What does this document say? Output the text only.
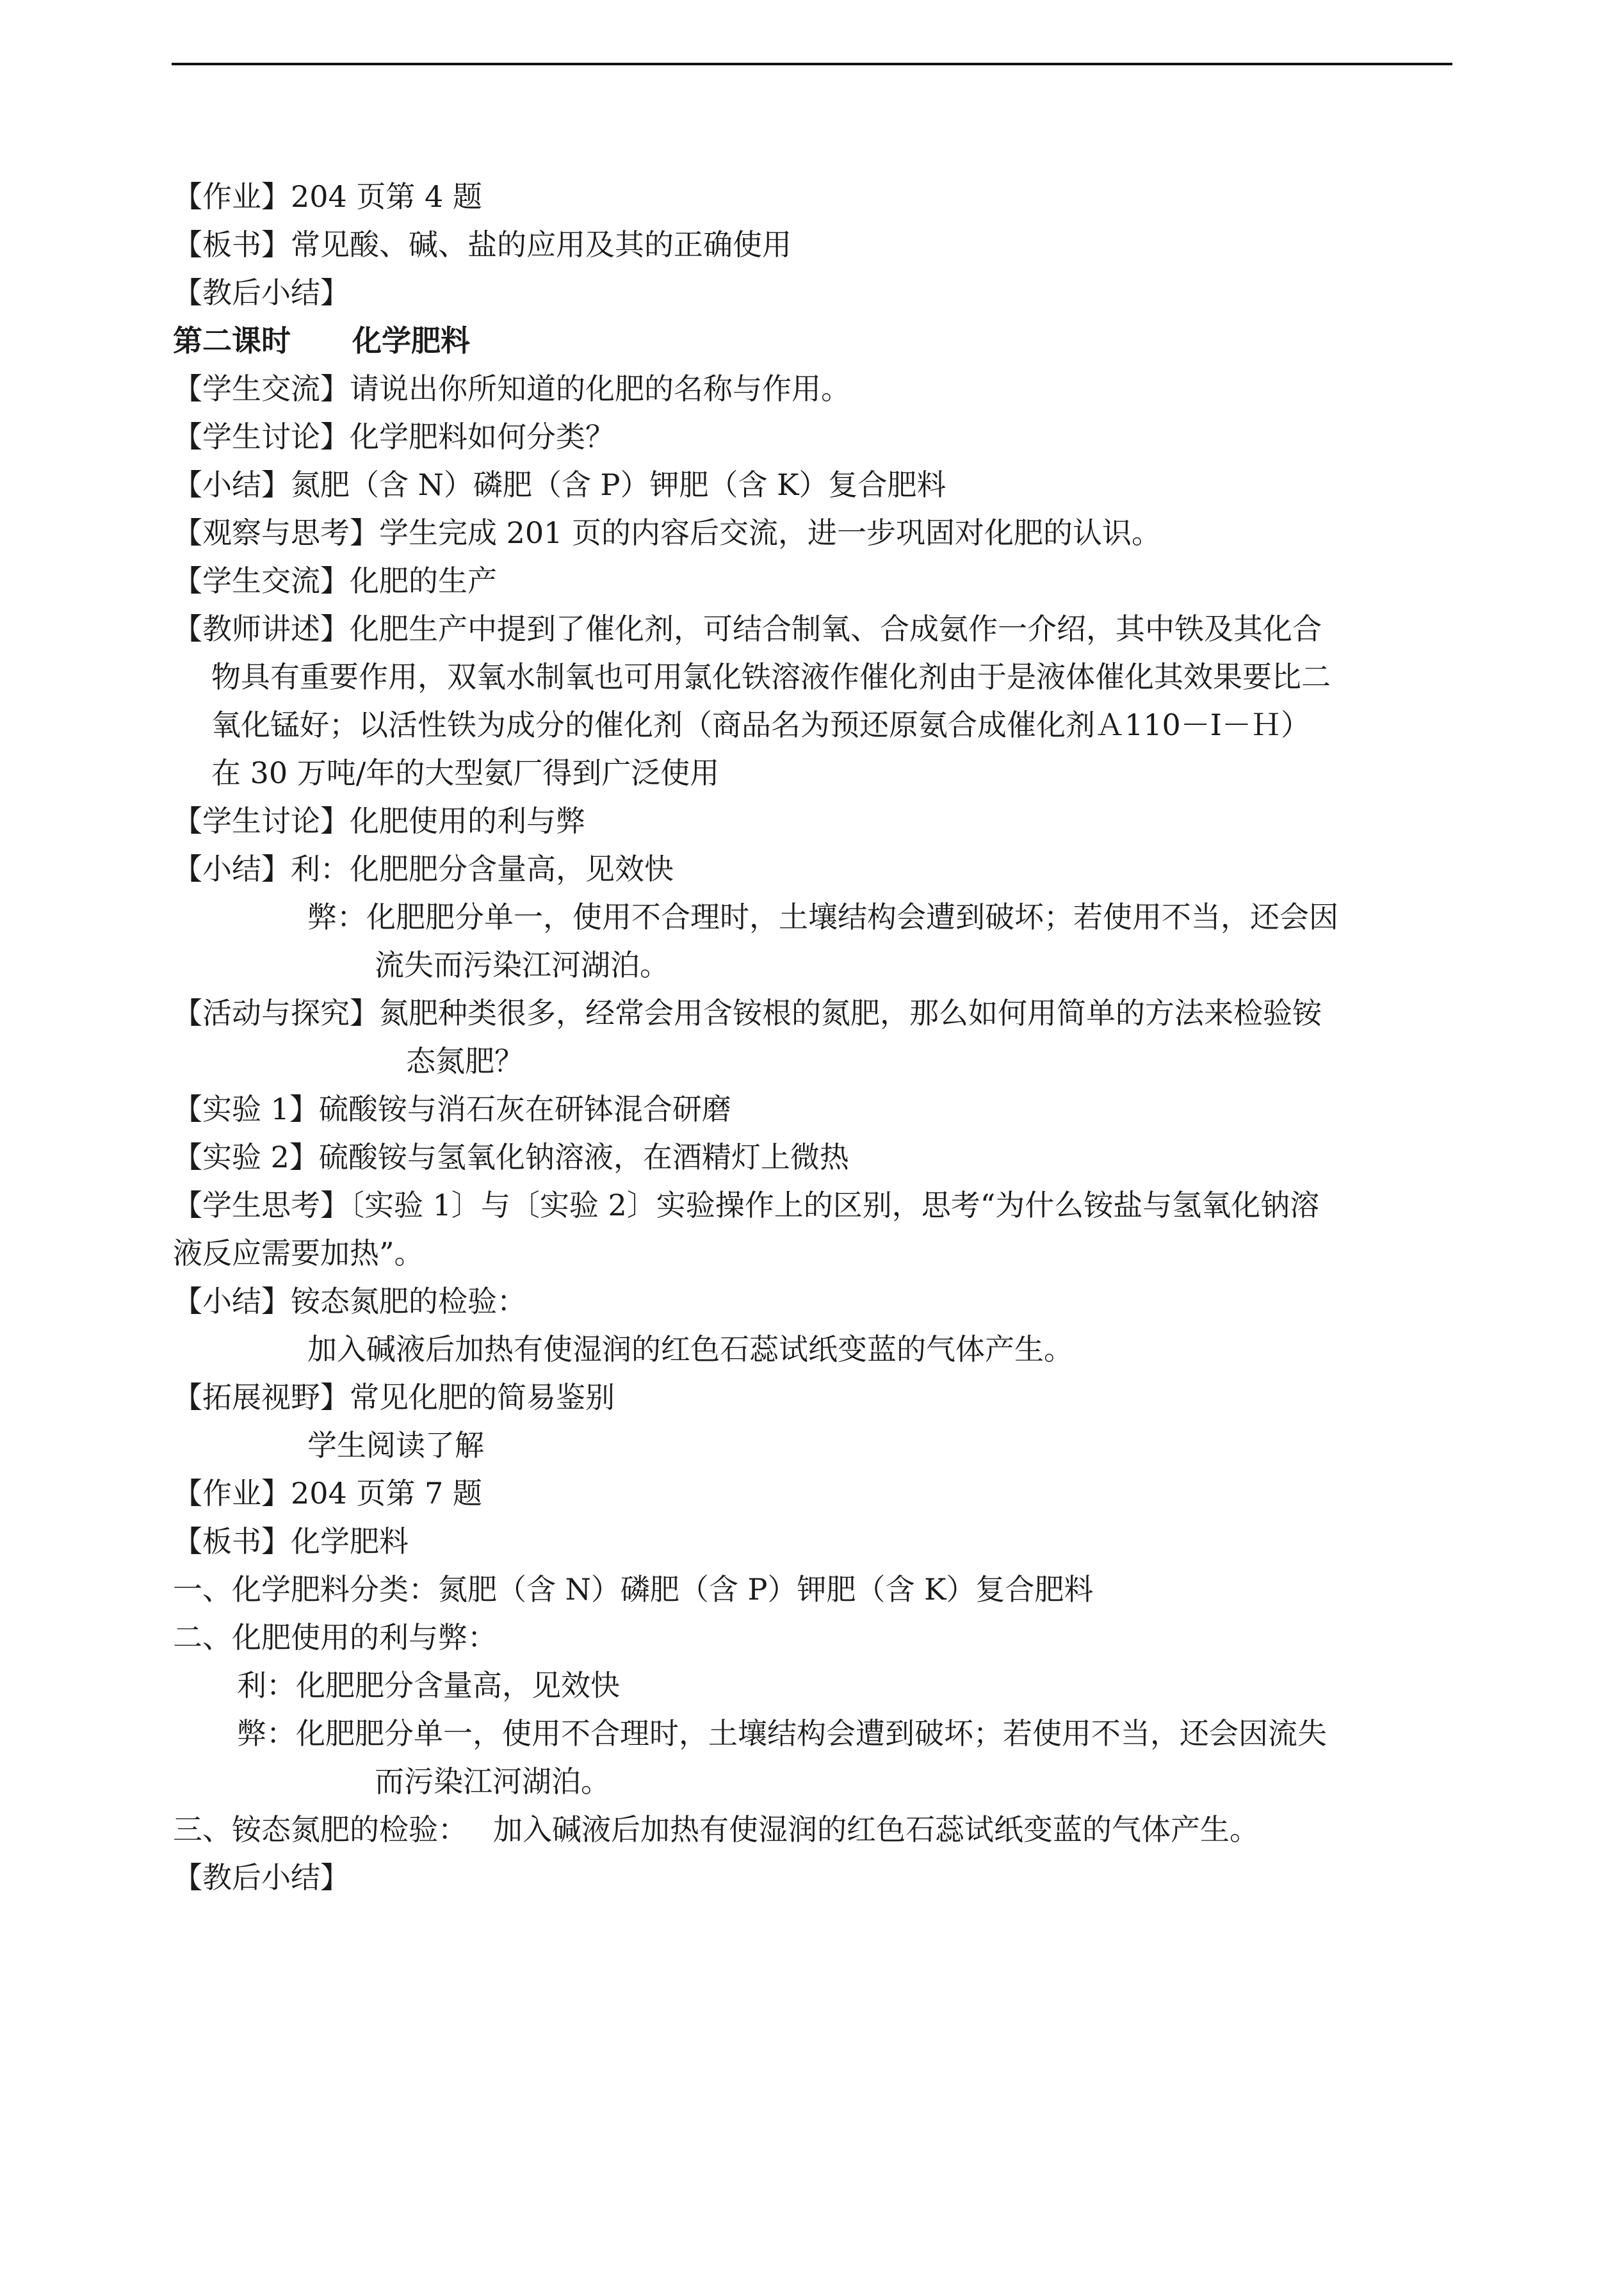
【作业】204 页第 4 题
【板书】常见酸、碱、盐的应用及其的正确使用
【教后小结】
第二课时 化学肥料
【学生交流】请说出你所知道的化肥的名称与作用。
【学生讨论】化学肥料如何分类？
【小结】氮肥（含 N）磷肥（含 P）钾肥（含 K）复合肥料
【观察与思考】学生完成 201 页的内容后交流，进一步巩固对化肥的认识。
【学生交流】化肥的生产
【教师讲述】化肥生产中提到了催化剂，可结合制氧、合成氨作一介绍，其中铁及其化合
物具有重要作用，双氧水制氧也可用氯化铁溶液作催化剂由于是液体催化其效果要比二
氧化锰好；以活性铁为成分的催化剂（商品名为预还原氨合成催化剂Ａ110－Ⅰ－Ｈ）
在 30 万吨/年的大型氨厂得到广泛使用
【学生讨论】化肥使用的利与弊
【小结】利：化肥肥分含量高，见效快
弊：化肥肥分单一，使用不合理时，土壤结构会遭到破坏；若使用不当，还会因
流失而污染江河湖泊。
【活动与探究】氮肥种类很多，经常会用含铵根的氮肥，那么如何用简单的方法来检验铵
态氮肥？
【实验 1】硫酸铵与消石灰在研钵混合研磨
【实验 2】硫酸铵与氢氧化钠溶液，在酒精灯上微热
【学生思考】〔实验 1〕与〔实验 2〕实验操作上的区别，思考“为什么铵盐与氢氧化钠溶
液反应需要加热”。
【小结】铵态氮肥的检验：
加入碱液后加热有使湿润的红色石蕊试纸变蓝的气体产生。
【拓展视野】常见化肥的简易鉴别
学生阅读了解
【作业】204 页第 7 题
【板书】化学肥料
一、化学肥料分类：氮肥（含 N）磷肥（含 P）钾肥（含 K）复合肥料
二、化肥使用的利与弊：
利：化肥肥分含量高，见效快
弊：化肥肥分单一，使用不合理时，土壤结构会遭到破坏；若使用不当，还会因流失
而污染江河湖泊。
三、铵态氮肥的检验： 加入碱液后加热有使湿润的红色石蕊试纸变蓝的气体产生。
【教后小结】
